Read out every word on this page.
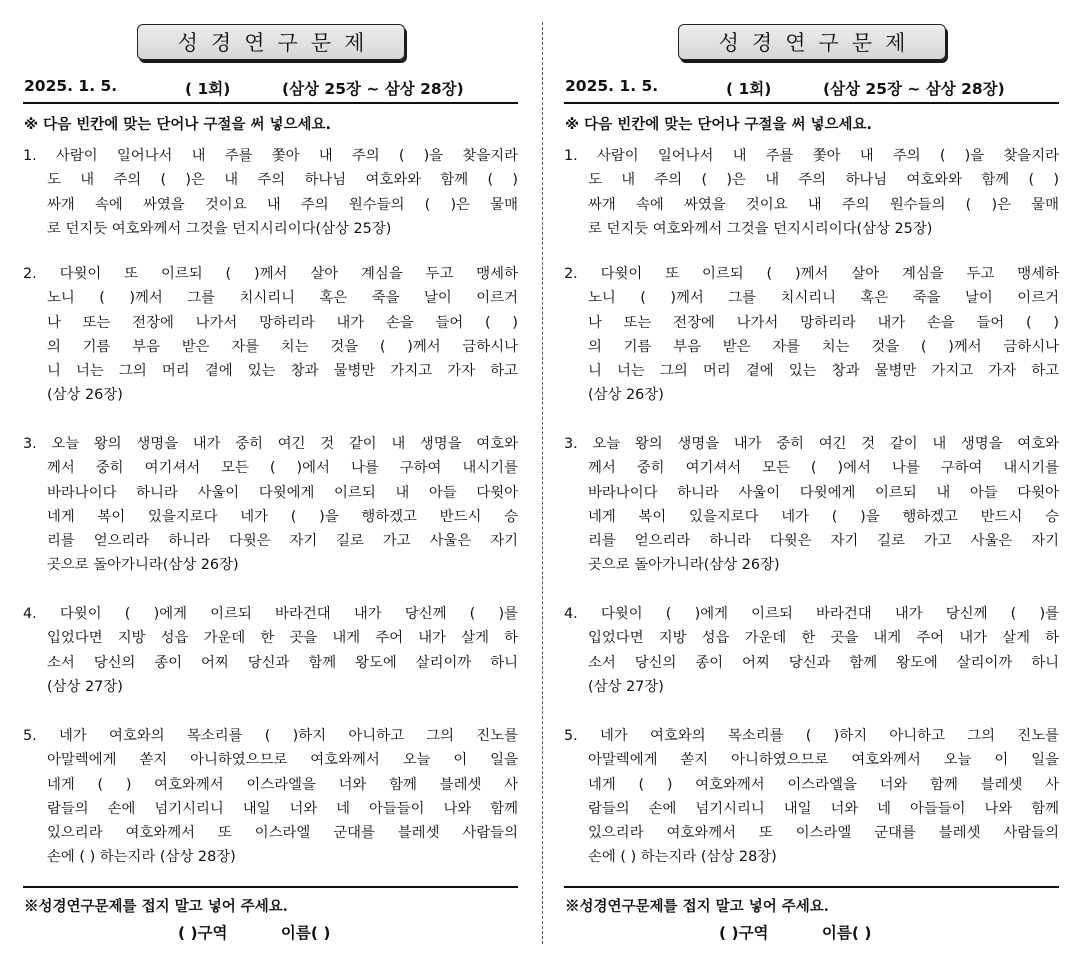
성경연구문제
2025. 1. 5.	( 1회)	(삼상 25장 ~ 삼상 28장)
※ 다음 빈칸에 맞는 단어나 구절을 써 넣으세요.
1. 사람이 일어나서 내 주를 쫓아 내 주의 ( )을 찾을지라
도 내 주의 ( )은 내 주의 하나님 여호와와 함께 ( )
싸개 속에 싸였을 것이요 내 주의 원수들의 ( )은 물매
로 던지듯 여호와께서 그것을 던지시리이다(삼상 25장)
2. 다윗이 또 이르되 ( )께서 살아 계심을 두고 맹세하
노니 ( )께서 그를 치시리니 혹은 죽을 날이 이르거
나 또는 전장에 나가서 망하리라 내가 손을 들어 ( )
의 기름 부음 받은 자를 치는 것을 ( )께서 금하시나
니 너는 그의 머리 곁에 있는 창과 물병만 가지고 가자 하고
(삼상 26장)
3. 오늘 왕의 생명을 내가 중히 여긴 것 같이 내 생명을 여호와
께서 중히 여기셔서 모든 ( )에서 나를 구하여 내시기를
바라나이다 하니라 사울이 다윗에게 이르되 내 아들 다윗아
네게 복이 있을지로다 네가 ( )을 행하겠고 반드시 승
리를 얻으리라 하니라 다윗은 자기 길로 가고 사울은 자기
곳으로 돌아가니라(삼상 26장)
4. 다윗이 ( )에게 이르되 바라건대 내가 당신께 ( )를
입었다면 지방 성읍 가운데 한 곳을 내게 주어 내가 살게 하
소서 당신의 종이 어찌 당신과 함께 왕도에 살리이까 하니
(삼상 27장)
5. 네가 여호와의 목소리를 ( )하지 아니하고 그의 진노를
아말렉에게 쏟지 아니하였으므로 여호와께서 오늘 이 일을
네게 ( ) 여호와께서 이스라엘을 너와 함께 블레셋 사
람들의 손에 넘기시리니 내일 너와 네 아들들이 나와 함께
있으리라 여호와께서 또 이스라엘 군대를 블레셋 사람들의
손에 ( ) 하는지라 (삼상 28장)
※성경연구문제를 접지 말고 넣어 주세요.
( )구역	이름( )
성경연구문제
2025. 1. 5.	( 1회)	(삼상 25장 ~ 삼상 28장)
※ 다음 빈칸에 맞는 단어나 구절을 써 넣으세요.
1. 사람이 일어나서 내 주를 쫓아 내 주의 ( )을 찾을지라
도 내 주의 ( )은 내 주의 하나님 여호와와 함께 ( )
싸개 속에 싸였을 것이요 내 주의 원수들의 ( )은 물매
로 던지듯 여호와께서 그것을 던지시리이다(삼상 25장)
2. 다윗이 또 이르되 ( )께서 살아 계심을 두고 맹세하
노니 ( )께서 그를 치시리니 혹은 죽을 날이 이르거
나 또는 전장에 나가서 망하리라 내가 손을 들어 ( )
의 기름 부음 받은 자를 치는 것을 ( )께서 금하시나
니 너는 그의 머리 곁에 있는 창과 물병만 가지고 가자 하고
(삼상 26장)
3. 오늘 왕의 생명을 내가 중히 여긴 것 같이 내 생명을 여호와
께서 중히 여기셔서 모든 ( )에서 나를 구하여 내시기를
바라나이다 하니라 사울이 다윗에게 이르되 내 아들 다윗아
네게 복이 있을지로다 네가 ( )을 행하겠고 반드시 승
리를 얻으리라 하니라 다윗은 자기 길로 가고 사울은 자기
곳으로 돌아가니라(삼상 26장)
4. 다윗이 ( )에게 이르되 바라건대 내가 당신께 ( )를
입었다면 지방 성읍 가운데 한 곳을 내게 주어 내가 살게 하
소서 당신의 종이 어찌 당신과 함께 왕도에 살리이까 하니
(삼상 27장)
5. 네가 여호와의 목소리를 ( )하지 아니하고 그의 진노를
아말렉에게 쏟지 아니하였으므로 여호와께서 오늘 이 일을
네게 ( ) 여호와께서 이스라엘을 너와 함께 블레셋 사
람들의 손에 넘기시리니 내일 너와 네 아들들이 나와 함께
있으리라 여호와께서 또 이스라엘 군대를 블레셋 사람들의
손에 ( ) 하는지라 (삼상 28장)
※성경연구문제를 접지 말고 넣어 주세요.
( )구역	이름( )
